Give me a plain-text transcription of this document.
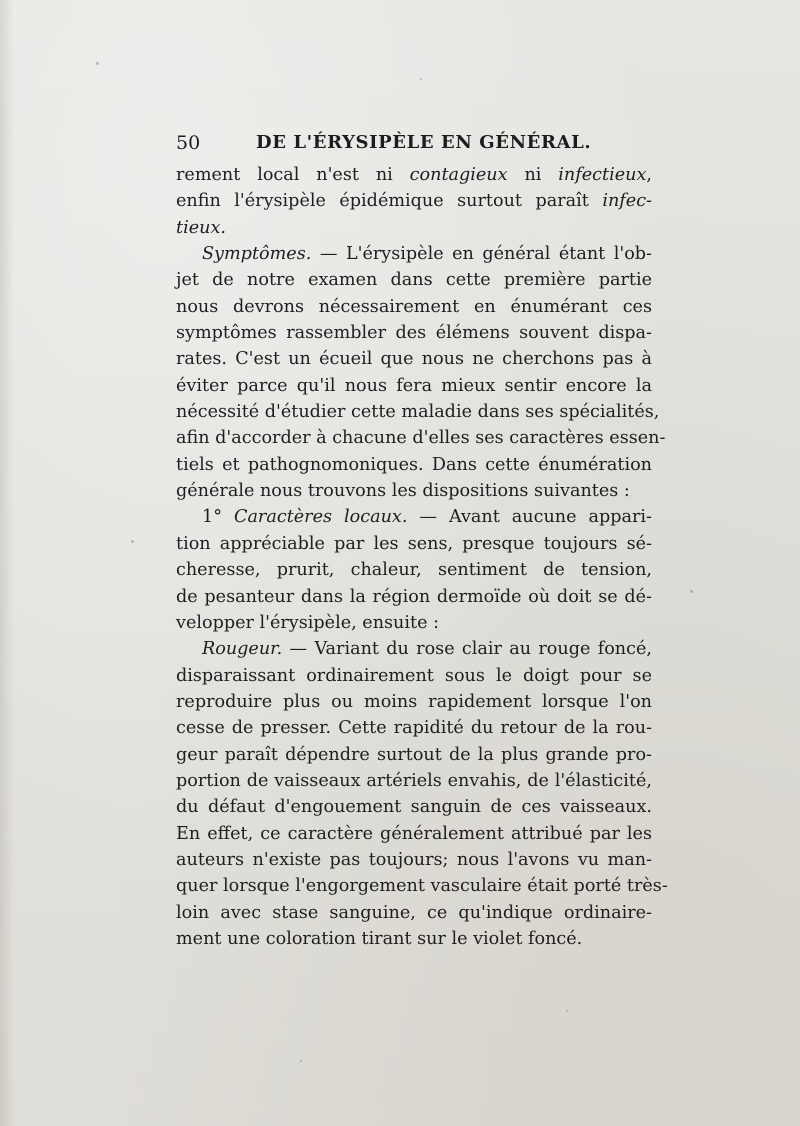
50	DE L'ÉRYSIPÈLE EN GÉNÉRAL.
rement local n'est ni contagieux ni infectieux,
enfin l'érysipèle épidémique surtout paraît infec-
tieux.
Symptômes. — L'érysipèle en général étant l'ob-
jet de notre examen dans cette première partie
nous devrons nécessairement en énumérant ces
symptômes rassembler des élémens souvent dispa-
rates. C'est un écueil que nous ne cherchons pas à
éviter parce qu'il nous fera mieux sentir encore la
nécessité d'étudier cette maladie dans ses spécialités,
afin d'accorder à chacune d'elles ses caractères essen-
tiels et pathognomoniques. Dans cette énumération
générale nous trouvons les dispositions suivantes :
1° Caractères locaux. — Avant aucune appari-
tion appréciable par les sens, presque toujours sé-
cheresse, prurit, chaleur, sentiment de tension,
de pesanteur dans la région dermoïde où doit se dé-
velopper l'érysipèle, ensuite :
Rougeur. — Variant du rose clair au rouge foncé,
disparaissant ordinairement sous le doigt pour se
reproduire plus ou moins rapidement lorsque l'on
cesse de presser. Cette rapidité du retour de la rou-
geur paraît dépendre surtout de la plus grande pro-
portion de vaisseaux artériels envahis, de l'élasticité,
du défaut d'engouement sanguin de ces vaisseaux.
En effet, ce caractère généralement attribué par les
auteurs n'existe pas toujours; nous l'avons vu man-
quer lorsque l'engorgement vasculaire était porté très-
loin avec stase sanguine, ce qu'indique ordinaire-
ment une coloration tirant sur le violet foncé.
